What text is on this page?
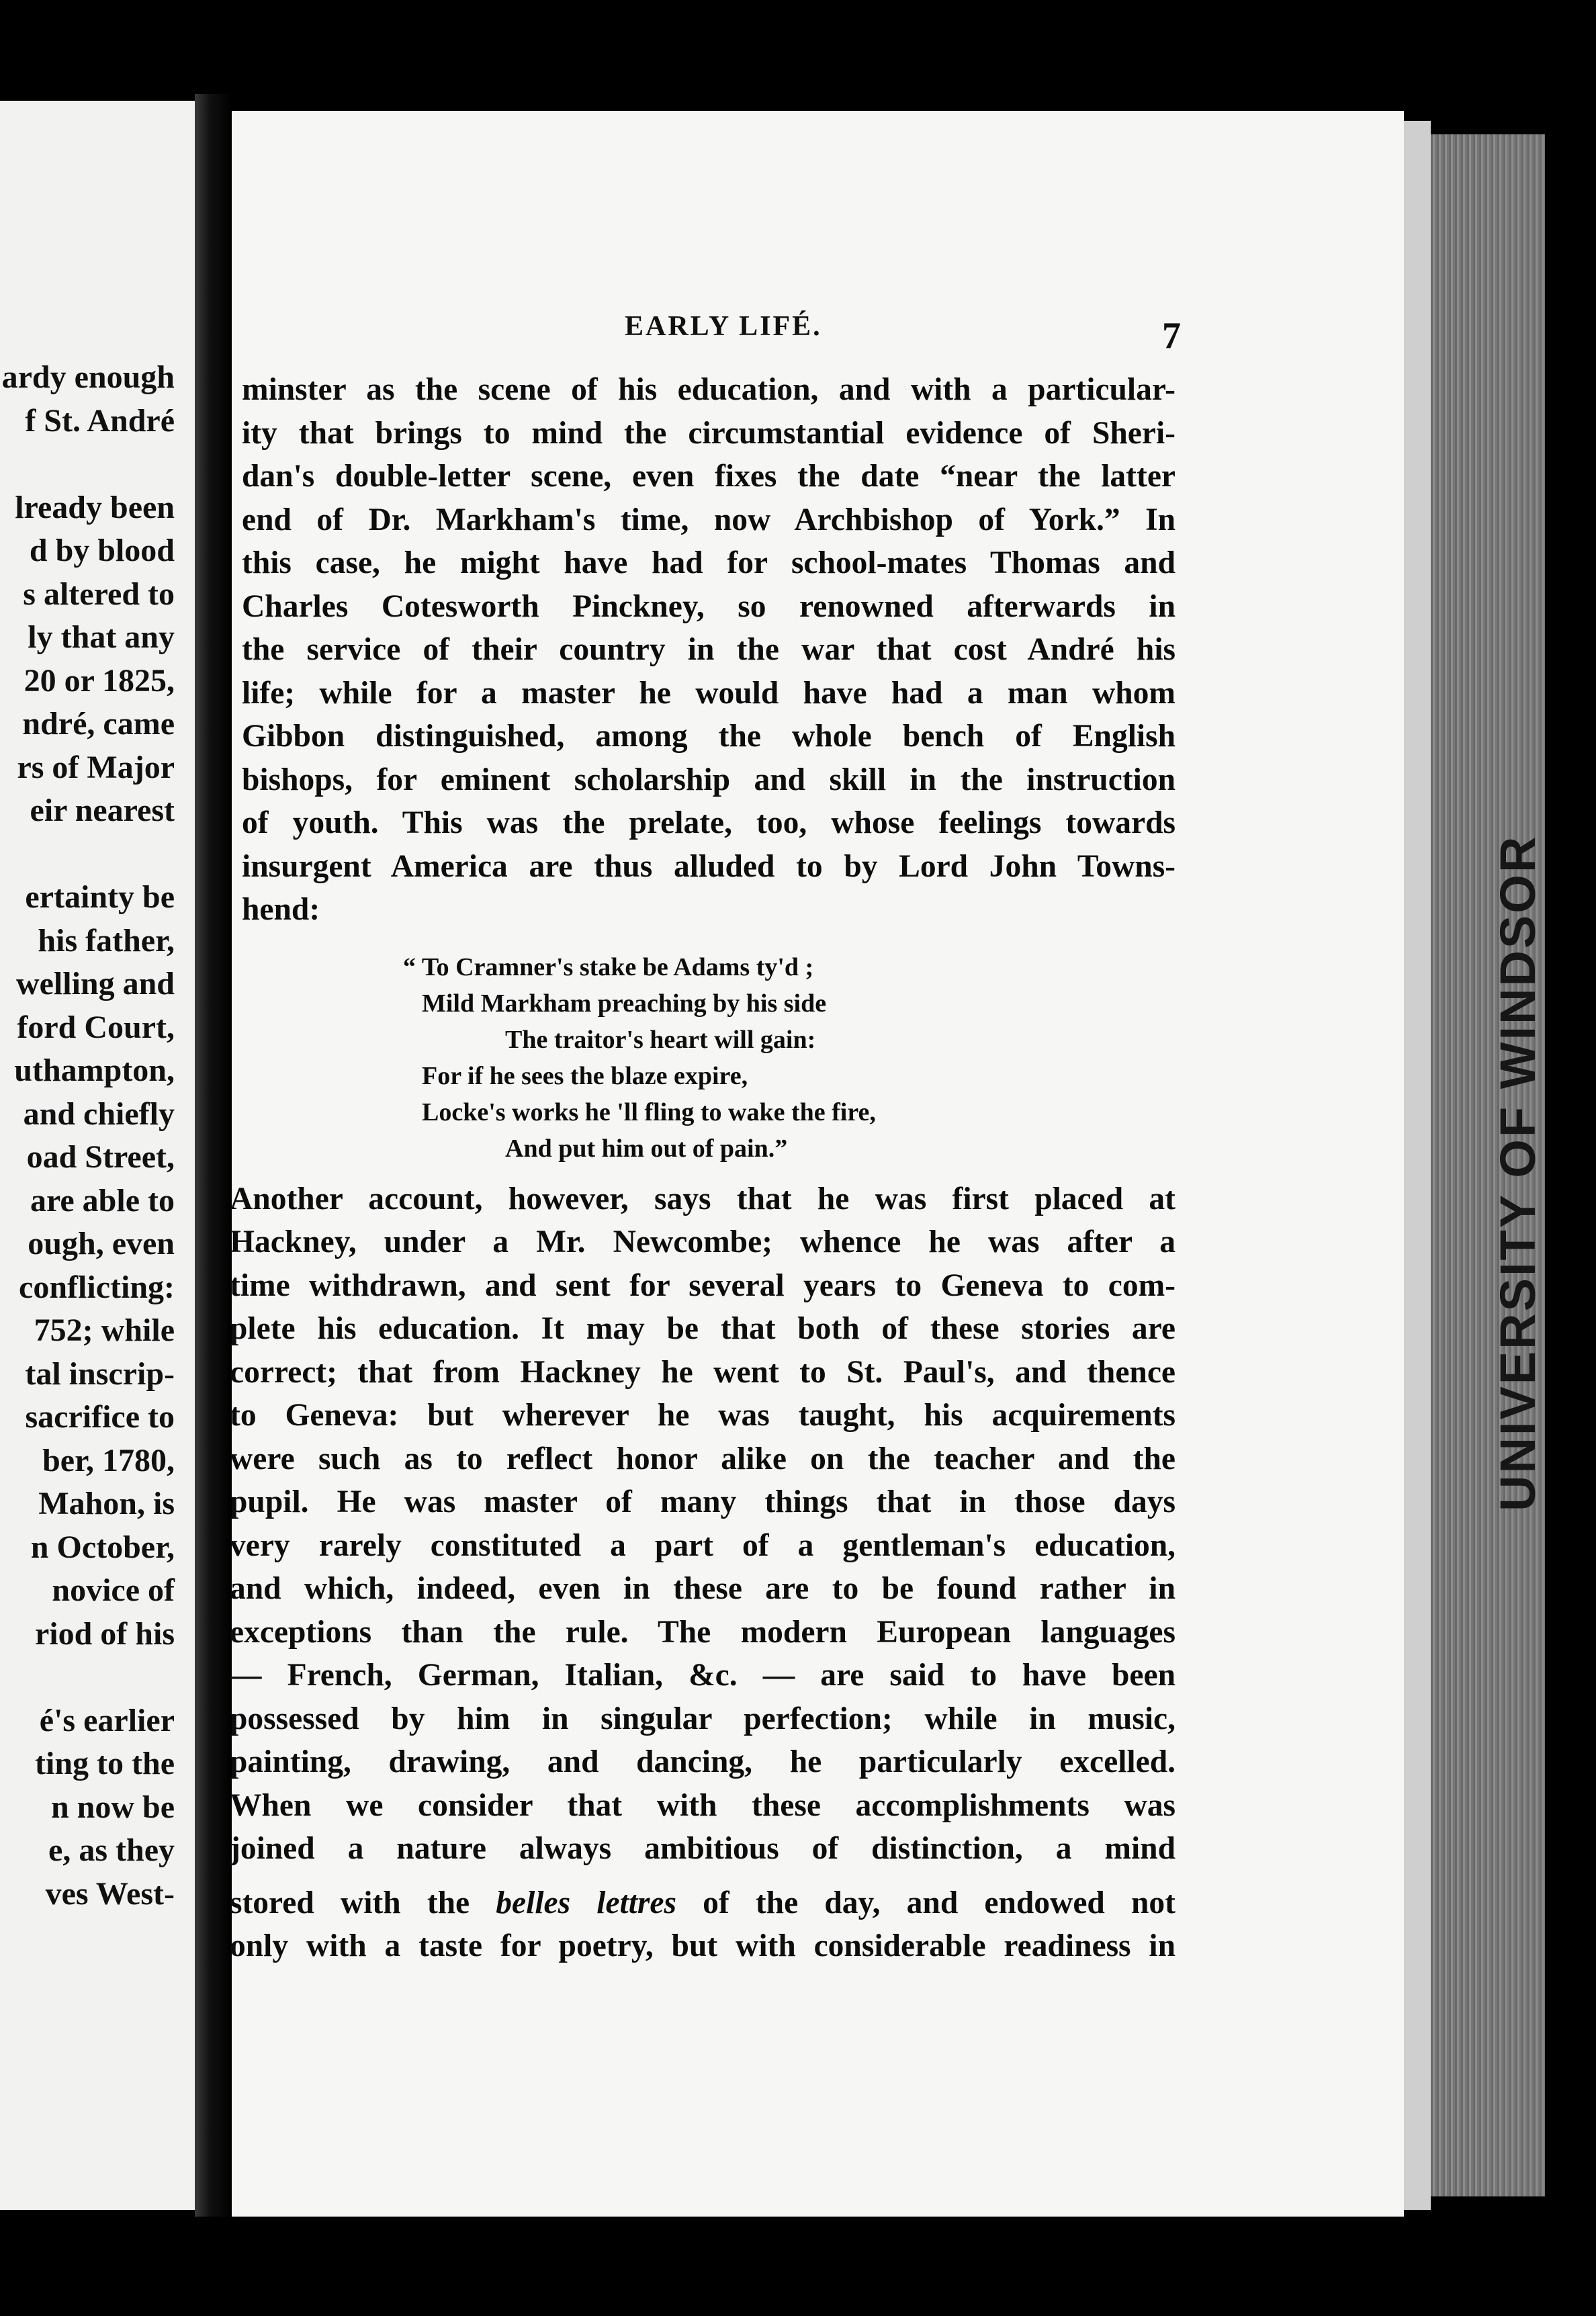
ardy enough
f St. André
lready been
d by blood
s altered to
ly that any
20 or 1825,
ndré, came
rs of Major
eir nearest
ertainty be
his father,
welling and
ford Court,
uthampton,
and chiefly
oad Street,
are able to
ough, even
conflicting:
752; while
tal inscrip-
sacrifice to
ber, 1780,
Mahon, is
n October,
novice of
riod of his
é's earlier
ting to the
n now be
e, as they
ves West-
UNIVERSITY OF WINDSOR
EARLY LIFÉ.	7
minster as the scene of his education, and with a particular-
ity that brings to mind the circumstantial evidence of Sheri-
dan's double-letter scene, even fixes the date “near the latter
end of Dr. Markham's time, now Archbishop of York.” In
this case, he might have had for school-mates Thomas and
Charles Cotesworth Pinckney, so renowned afterwards in
the service of their country in the war that cost André his
life; while for a master he would have had a man whom
Gibbon distinguished, among the whole bench of English
bishops, for eminent scholarship and skill in the instruction
of youth. This was the prelate, too, whose feelings towards
insurgent America are thus alluded to by Lord John Towns-
hend:
“ To Cramner's stake be Adams ty'd ;
Mild Markham preaching by his side
The traitor's heart will gain:
For if he sees the blaze expire,
Locke's works he 'll fling to wake the fire,
And put him out of pain.”
Another account, however, says that he was first placed at
Hackney, under a Mr. Newcombe; whence he was after a
time withdrawn, and sent for several years to Geneva to com-
plete his education. It may be that both of these stories are
correct; that from Hackney he went to St. Paul's, and thence
to Geneva: but wherever he was taught, his acquirements
were such as to reflect honor alike on the teacher and the
pupil. He was master of many things that in those days
very rarely constituted a part of a gentleman's education,
and which, indeed, even in these are to be found rather in
exceptions than the rule. The modern European languages
— French, German, Italian, &c. — are said to have been
possessed by him in singular perfection; while in music,
painting, drawing, and dancing, he particularly excelled.
When we consider that with these accomplishments was
joined a nature always ambitious of distinction, a mind
stored with the belles lettres of the day, and endowed not
only with a taste for poetry, but with considerable readiness in
